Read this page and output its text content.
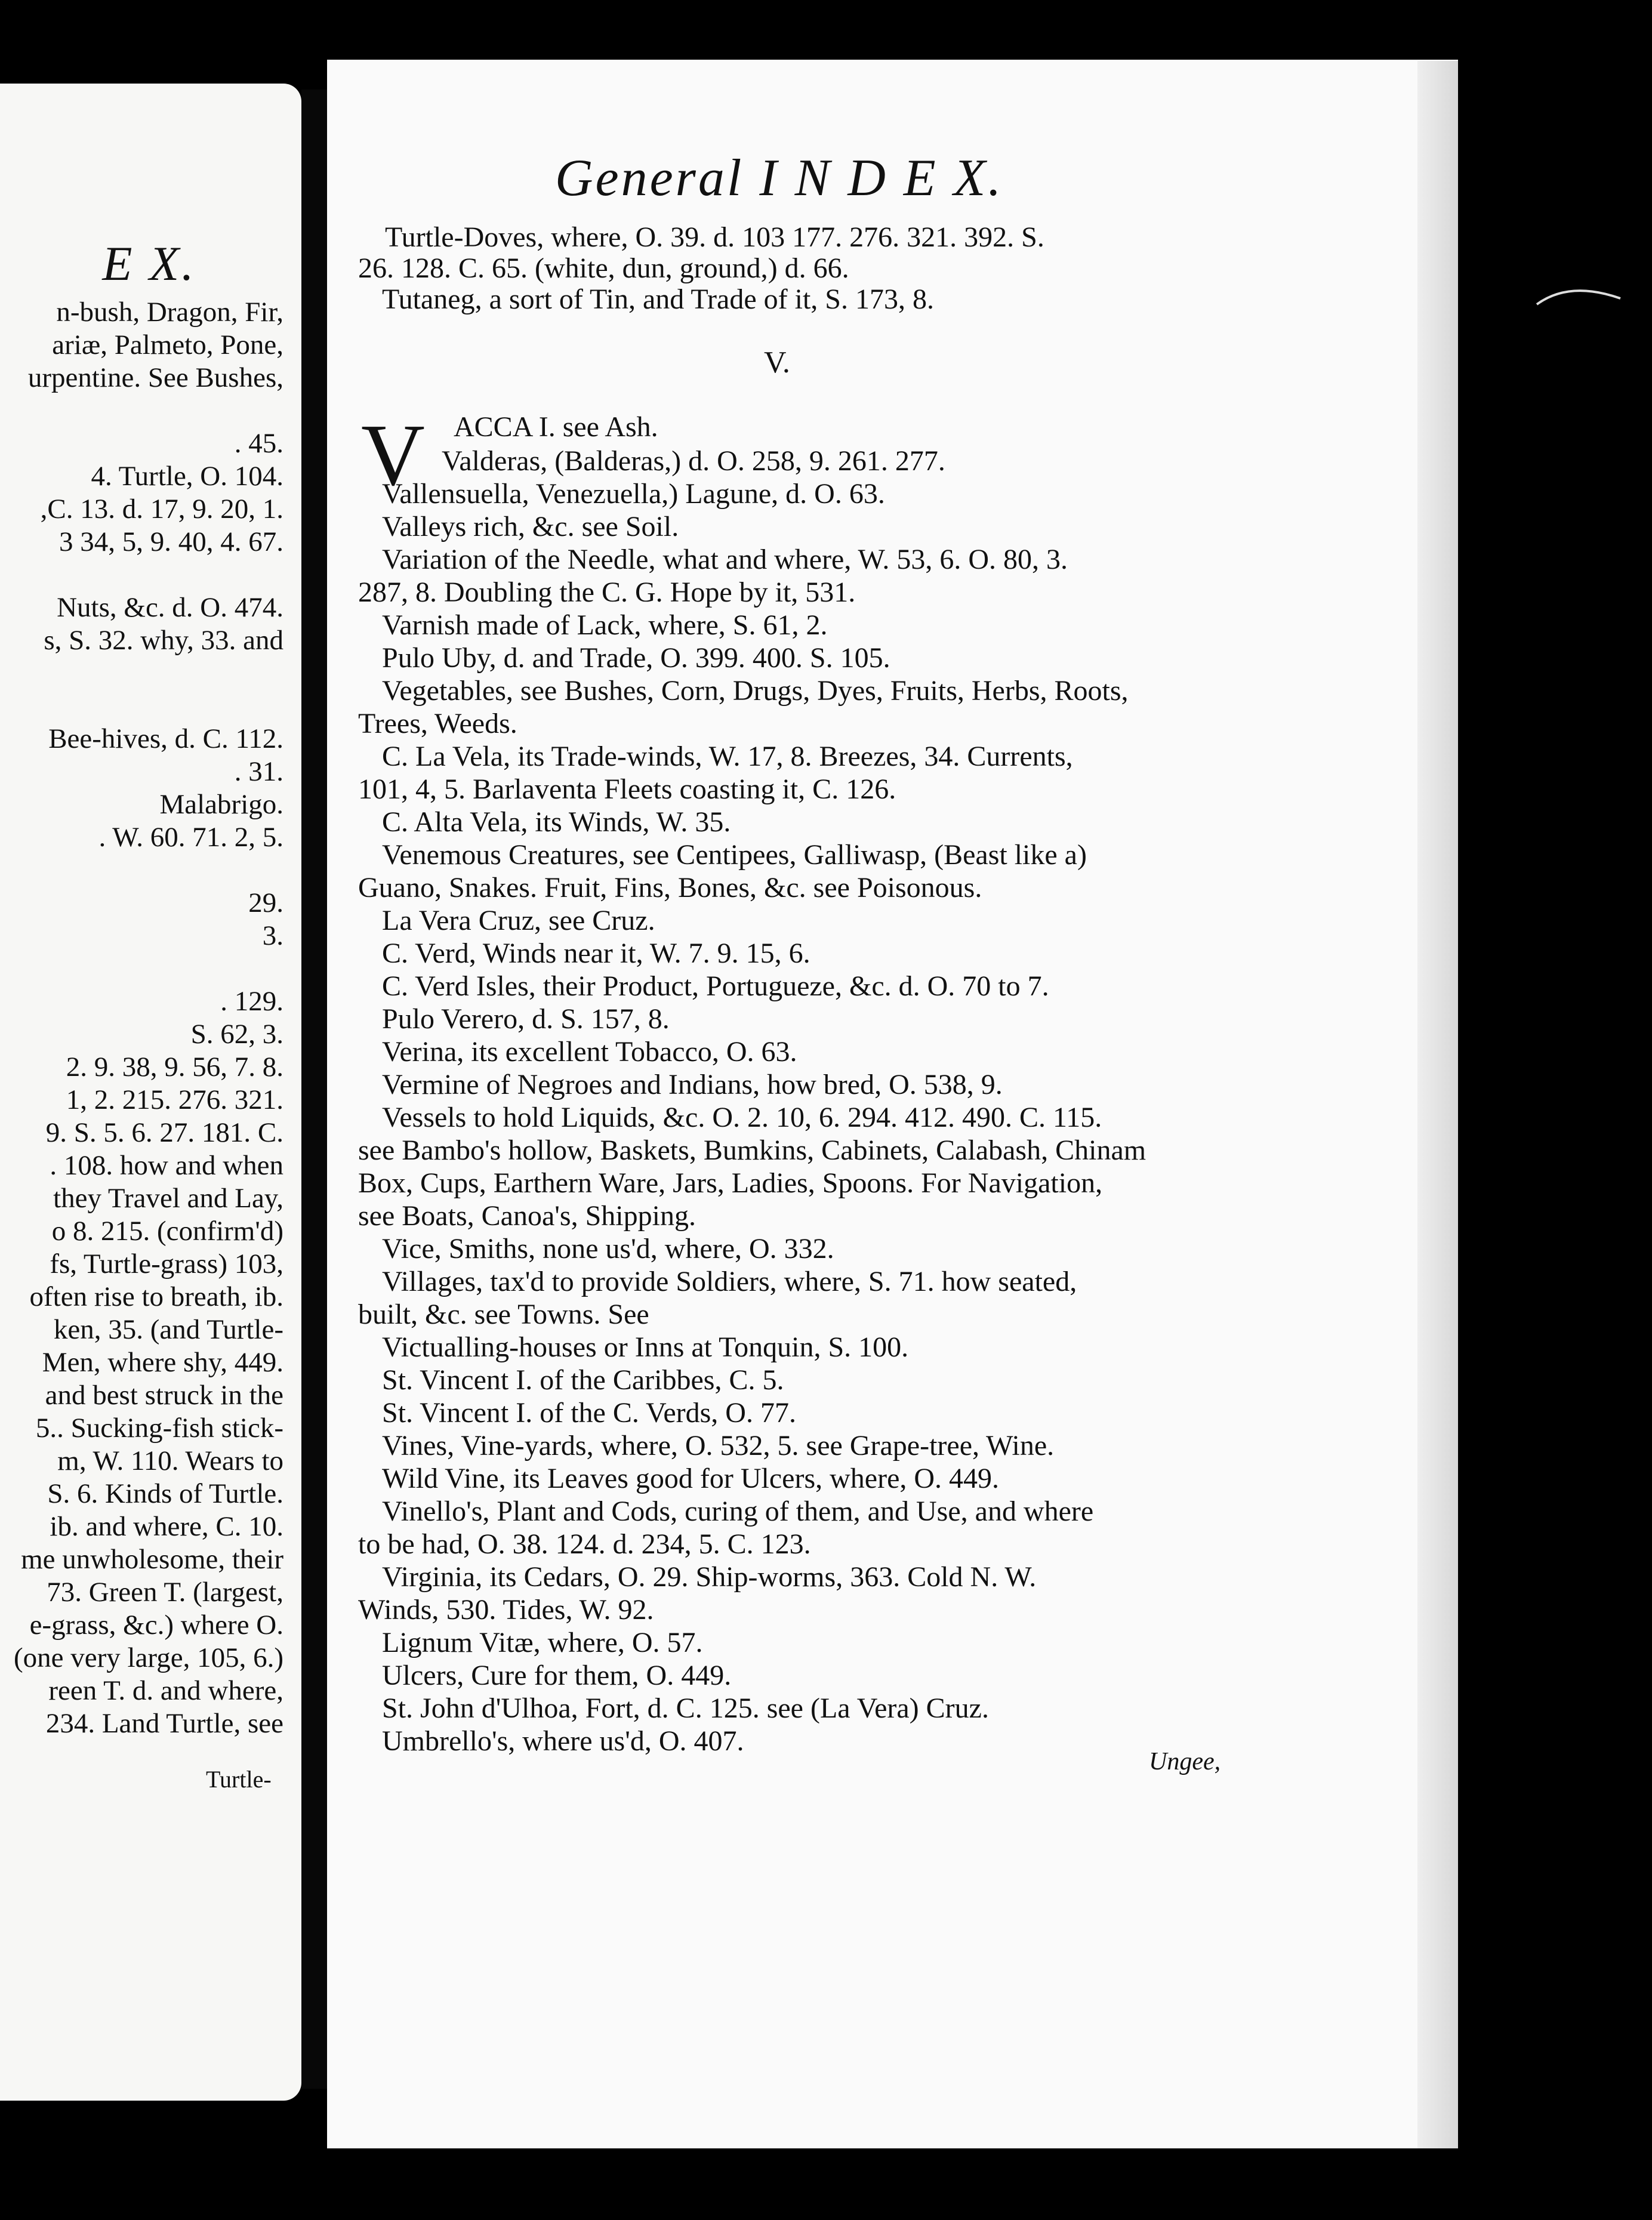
E X.
n-bush, Dragon, Fir,
ariæ, Palmeto, Pone,
urpentine. See Bushes,
. 45.
4. Turtle, O. 104.
,C. 13. d. 17, 9. 20, 1.
3 34, 5, 9. 40, 4. 67.
Nuts, &c. d. O. 474.
s, S. 32. why, 33. and
Bee-hives, d. C. 112.
. 31.
Malabrigo.
. W. 60. 71. 2, 5.
29.
3.
. 129.
S. 62, 3.
2. 9. 38, 9. 56, 7. 8.
1, 2. 215. 276. 321.
9. S. 5. 6. 27. 181. C.
. 108. how and when
they Travel and Lay,
o 8. 215. (confirm'd)
fs, Turtle-grass) 103,
often rise to breath, ib.
ken, 35. (and Turtle-
Men, where shy, 449.
and best struck in the
5.. Sucking-fish stick-
m, W. 110. Wears to
S. 6. Kinds of Turtle.
ib. and where, C. 10.
me unwholesome, their
73. Green T. (largest,
e-grass, &c.) where O.
(one very large, 105, 6.)
reen T. d. and where,
234. Land Turtle, see
Turtle-
General I N D E X.
V.
V
Turtle-Doves, where, O. 39. d. 103 177. 276. 321. 392. S.
26. 128. C. 65. (white, dun, ground,) d. 66.
Tutaneg, a sort of Tin, and Trade of it, S. 173, 8.
ACCA I. see Ash.
Valderas, (Balderas,) d. O. 258, 9. 261. 277.
Vallensuella, Venezuella,) Lagune, d. O. 63.
Valleys rich, &c. see Soil.
Variation of the Needle, what and where, W. 53, 6. O. 80, 3.
287, 8. Doubling the C. G. Hope by it, 531.
Varnish made of Lack, where, S. 61, 2.
Pulo Uby, d. and Trade, O. 399. 400. S. 105.
Vegetables, see Bushes, Corn, Drugs, Dyes, Fruits, Herbs, Roots,
Trees, Weeds.
C. La Vela, its Trade-winds, W. 17, 8. Breezes, 34. Currents,
101, 4, 5. Barlaventa Fleets coasting it, C. 126.
C. Alta Vela, its Winds, W. 35.
Venemous Creatures, see Centipees, Galliwasp, (Beast like a)
Guano, Snakes. Fruit, Fins, Bones, &c. see Poisonous.
La Vera Cruz, see Cruz.
C. Verd, Winds near it, W. 7. 9. 15, 6.
C. Verd Isles, their Product, Portugueze, &c. d. O. 70 to 7.
Pulo Verero, d. S. 157, 8.
Verina, its excellent Tobacco, O. 63.
Vermine of Negroes and Indians, how bred, O. 538, 9.
Vessels to hold Liquids, &c. O. 2. 10, 6. 294. 412. 490. C. 115.
see Bambo's hollow, Baskets, Bumkins, Cabinets, Calabash, Chinam
Box, Cups, Earthern Ware, Jars, Ladies, Spoons. For Navigation,
see Boats, Canoa's, Shipping.
Vice, Smiths, none us'd, where, O. 332.
Villages, tax'd to provide Soldiers, where, S. 71. how seated,
built, &c. see Towns. See
Victualling-houses or Inns at Tonquin, S. 100.
St. Vincent I. of the Caribbes, C. 5.
St. Vincent I. of the C. Verds, O. 77.
Vines, Vine-yards, where, O. 532, 5. see Grape-tree, Wine.
Wild Vine, its Leaves good for Ulcers, where, O. 449.
Vinello's, Plant and Cods, curing of them, and Use, and where
to be had, O. 38. 124. d. 234, 5. C. 123.
Virginia, its Cedars, O. 29. Ship-worms, 363. Cold N. W.
Winds, 530. Tides, W. 92.
Lignum Vitæ, where, O. 57.
Ulcers, Cure for them, O. 449.
St. John d'Ulhoa, Fort, d. C. 125. see (La Vera) Cruz.
Umbrello's, where us'd, O. 407.
Ungee,
